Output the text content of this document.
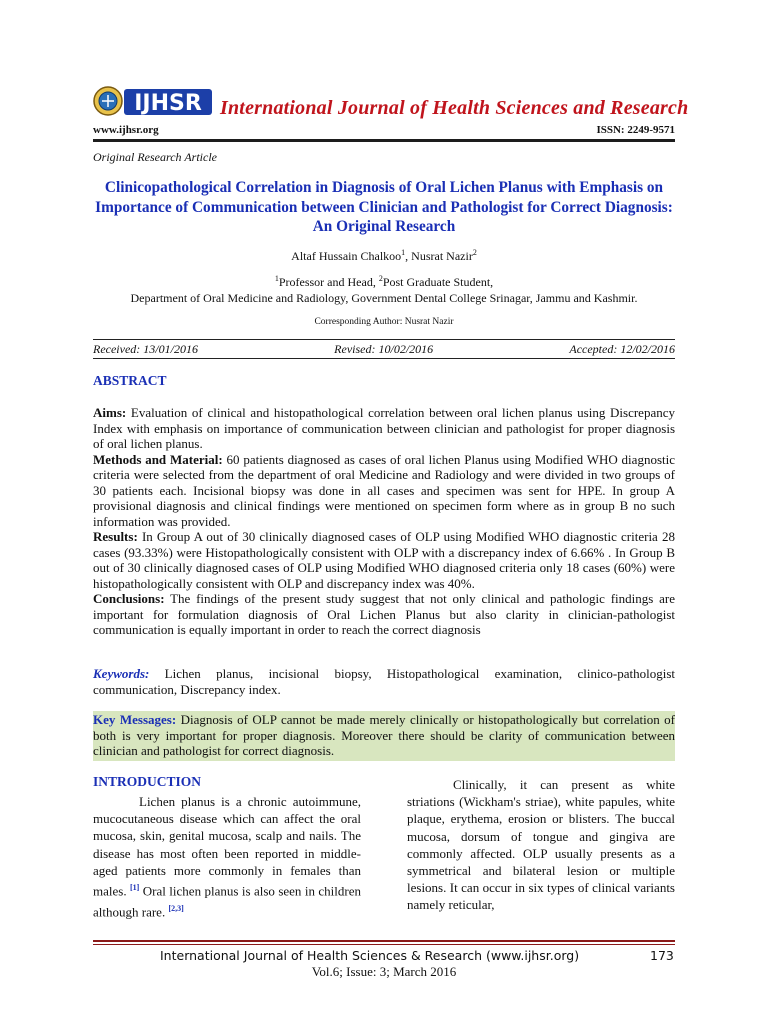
IJHSR International Journal of Health Sciences and Research
www.ijhsr.org	ISSN: 2249-9571
Original Research Article
Clinicopathological Correlation in Diagnosis of Oral Lichen Planus with Emphasis on Importance of Communication between Clinician and Pathologist for Correct Diagnosis: An Original Research
Altaf Hussain Chalkoo$^1$, Nusrat Nazir$^2$
$^1$Professor and Head, $^2$Post Graduate Student,
Department of Oral Medicine and Radiology, Government Dental College Srinagar, Jammu and Kashmir.
Corresponding Author: Nusrat Nazir
Received: 13/01/2016	Revised: 10/02/2016	Accepted: 12/02/2016
ABSTRACT

Aims: Evaluation of clinical and histopathological correlation between oral lichen planus using Discrepancy Index with emphasis on importance of communication between clinician and pathologist for proper diagnosis of oral lichen planus.

Methods and Material: 60 patients diagnosed as cases of oral lichen Planus using Modified WHO diagnostic criteria were selected from the department of oral Medicine and Radiology and were divided in two groups of 30 patients each. Incisional biopsy was done in all cases and specimen was sent for HPE. In group A provisional diagnosis and clinical findings were mentioned on specimen form where as in group B no such information was provided.

Results: In Group A out of 30 clinically diagnosed cases of OLP using Modified WHO diagnostic criteria 28 cases (93.33%) were Histopathologically consistent with OLP with a discrepancy index of 6.66% . In Group B out of 30 clinically diagnosed cases of OLP using Modified WHO diagnosed criteria only 18 cases (60%) were histopathologically consistent with OLP and discrepancy index was 40%.

Conclusions: The findings of the present study suggest that not only clinical and pathologic findings are important for formulation diagnosis of Oral Lichen Planus but also clarity in clinician-pathologist communication is equally important in order to reach the correct diagnosis

Keywords: Lichen planus, incisional biopsy, Histopathological examination, clinico-pathologist communication, Discrepancy index.
Key Messages: Diagnosis of OLP cannot be made merely clinically or histopathologically but correlation of both is very important for proper diagnosis. Moreover there should be clarity of communication between clinician and pathologist for correct diagnosis.
INTRODUCTION
Lichen planus is a chronic autoimmune, mucocutaneous disease which can affect the oral mucosa, skin, genital mucosa, scalp and nails. The disease has most often been reported in middle-aged patients more commonly in females than males. [1] Oral lichen planus is also seen in children although rare. [2,3]
Clinically, it can present as white striations (Wickham's striae), white papules, white plaque, erythema, erosion or blisters. The buccal mucosa, dorsum of tongue and gingiva are commonly affected. OLP usually presents as a symmetrical and bilateral lesion or multiple lesions. It can occur in six types of clinical variants namely reticular,
International Journal of Health Sciences & Research (www.ijhsr.org)	173
Vol.6; Issue: 3; March 2016
